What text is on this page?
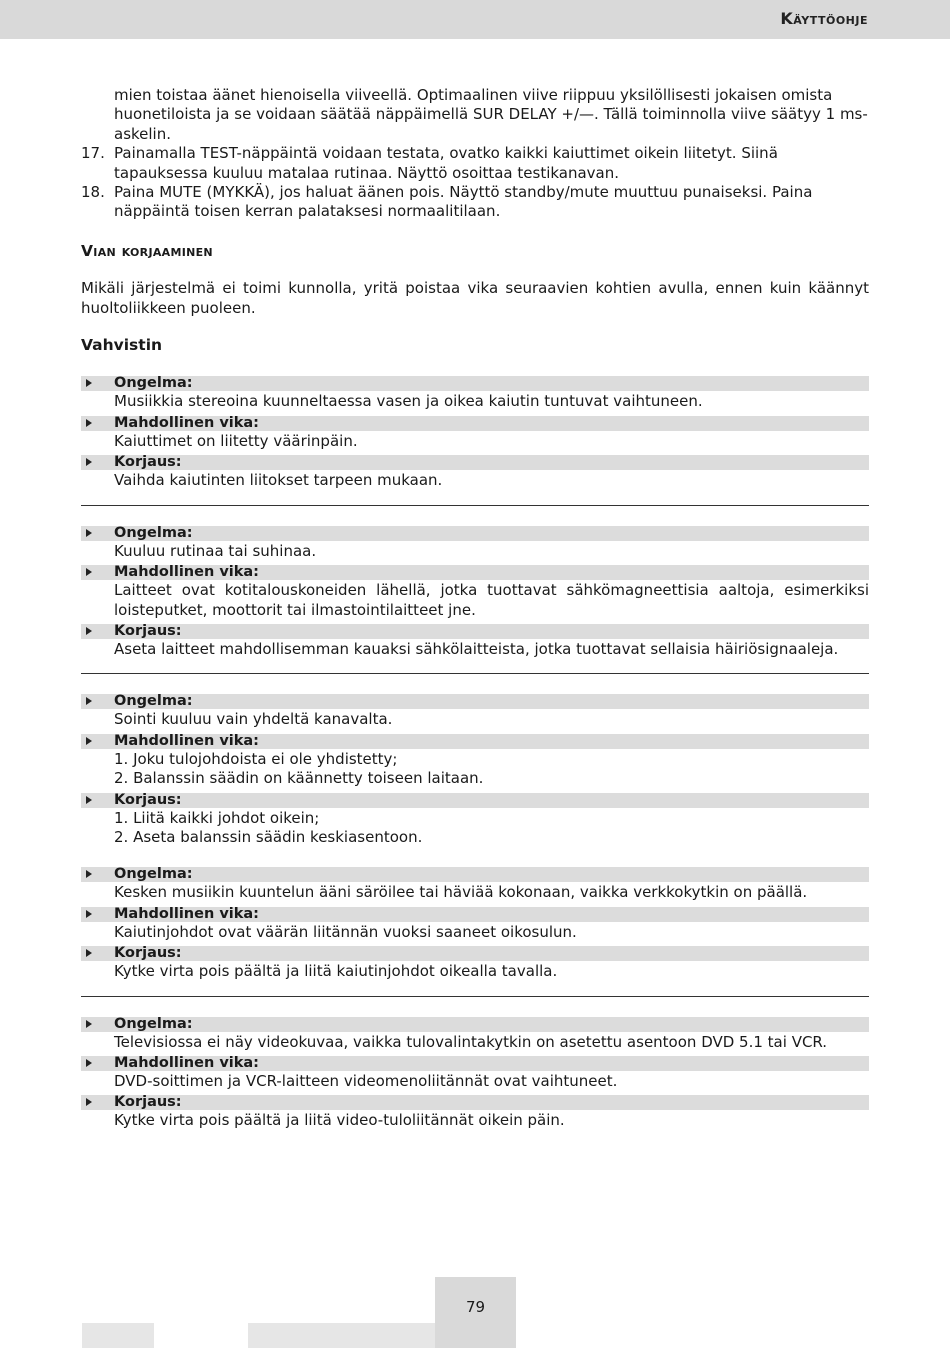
Käyttöohje
mien toistaa äänet hienoisella viiveellä. Optimaalinen viive riippuu yksilöllisesti jokaisen omista huonetiloista ja se voidaan säätää näppäimellä SUR DELAY +/—. Tällä toiminnolla viive säätyy 1 ms-askelin.
17. Painamalla TEST-näppäintä voidaan testata, ovatko kaikki kaiuttimet oikein liitetyt. Siinä tapauksessa kuuluu matalaa rutinaa. Näyttö osoittaa testikanavan.
18. Paina MUTE (MYKKÄ), jos haluat äänen pois. Näyttö standby/mute muuttuu punaiseksi. Paina näppäintä toisen kerran palataksesi normaalitilaan.
Vian korjaaminen
Mikäli järjestelmä ei toimi kunnolla, yritä poistaa vika seuraavien kohtien avulla, ennen kuin käännyt huoltoliikkeen puoleen.
Vahvistin
Ongelma:
Musiikkia stereoina kuunneltaessa vasen ja oikea kaiutin tuntuvat vaihtuneen.
Mahdollinen vika:
Kaiuttimet on liitetty väärinpäin.
Korjaus:
Vaihda kaiutinten liitokset tarpeen mukaan.
Ongelma:
Kuuluu rutinaa tai suhinaa.
Mahdollinen vika:
Laitteet ovat kotitalouskoneiden lähellä, jotka tuottavat sähkömagneettisia aaltoja, esimerkiksi loisteputket, moottorit tai ilmastointilaitteet jne.
Korjaus:
Aseta laitteet mahdollisemman kauaksi sähkölaitteista, jotka tuottavat sellaisia häiriösignaaleja.
Ongelma:
Sointi kuuluu vain yhdeltä kanavalta.
Mahdollinen vika:
1. Joku tulojohdoista ei ole yhdistetty;
2. Balanssin säädin on käännetty toiseen laitaan.
Korjaus:
1. Liitä kaikki johdot oikein;
2. Aseta balanssin säädin keskiasentoon.
Ongelma:
Kesken musiikin kuuntelun ääni säröilee tai häviää kokonaan, vaikka verkkokytkin on päällä.
Mahdollinen vika:
Kaiutinjohdot ovat väärän liitännän vuoksi saaneet oikosulun.
Korjaus:
Kytke virta pois päältä ja liitä kaiutinjohdot oikealla tavalla.
Ongelma:
Televisiossa ei näy videokuvaa, vaikka tulovalintakytkin on asetettu asentoon DVD 5.1 tai VCR.
Mahdollinen vika:
DVD-soittimen ja VCR-laitteen videomenoliitännät ovat vaihtuneet.
Korjaus:
Kytke virta pois päältä ja liitä video-tuloliitännät oikein päin.
79
